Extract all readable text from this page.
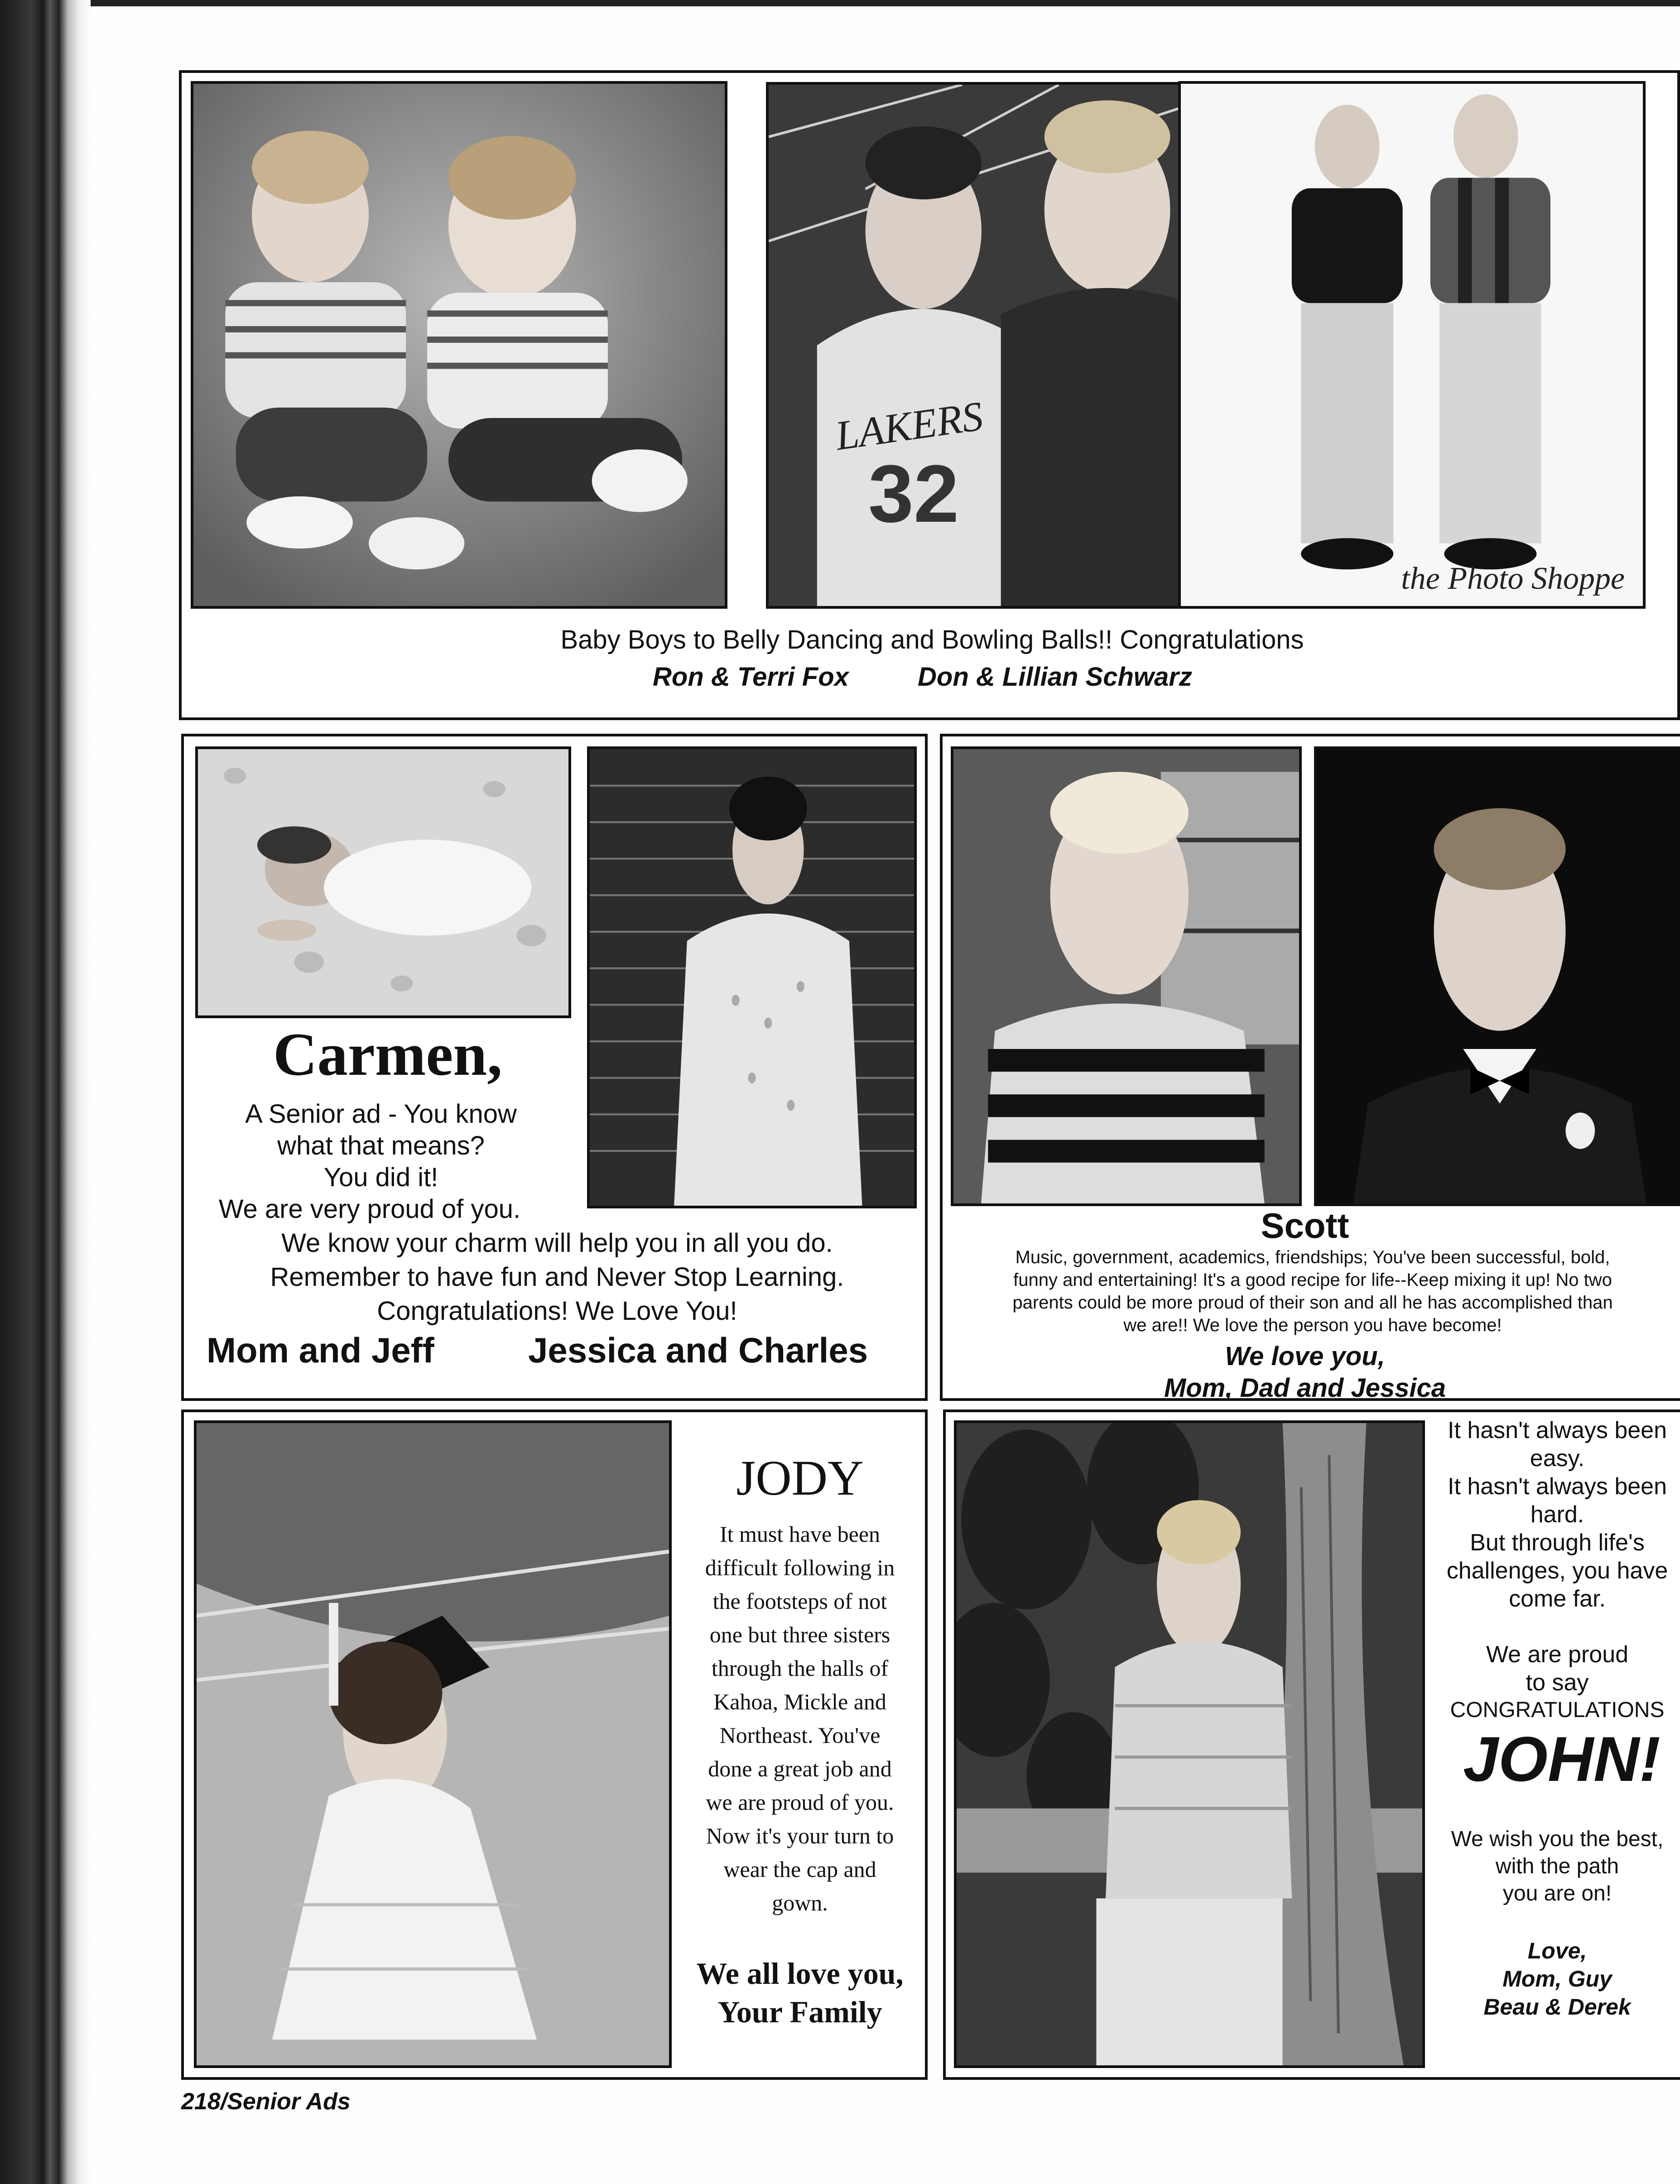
LAKERS
32
the Photo Shoppe
Baby Boys to Belly Dancing and Bowling Balls!! Congratulations
Ron & Terri Fox	Don & Lillian Schwarz
Carmen,
A Senior ad - You know
what that means?
You did it!
We are very proud of you.
We know your charm will help you in all you do.
Remember to have fun and Never Stop Learning.
Congratulations! We Love You!
Mom and Jeff	Jessica and Charles
Scott
Music, government, academics, friendships; You've been successful, bold,
funny and entertaining! It's a good recipe for life--Keep mixing it up! No two
parents could be more proud of their son and all he has accomplished than
we are!! We love the person you have become!
We love you,
Mom, Dad and Jessica
JODY
It must have been
difficult following in
the footsteps of not
one but three sisters
through the halls of
Kahoa, Mickle and
Northeast. You've
done a great job and
we are proud of you.
Now it's your turn to
wear the cap and
gown.
We all love you,
Your Family
It hasn't always been
easy.
It hasn't always been
hard.
But through life's
challenges, you have
come far.
We are proud
to say
CONGRATULATIONS
JOHN!
We wish you the best,
with the path
you are on!
Love,
Mom, Guy
Beau & Derek
218/Senior Ads
